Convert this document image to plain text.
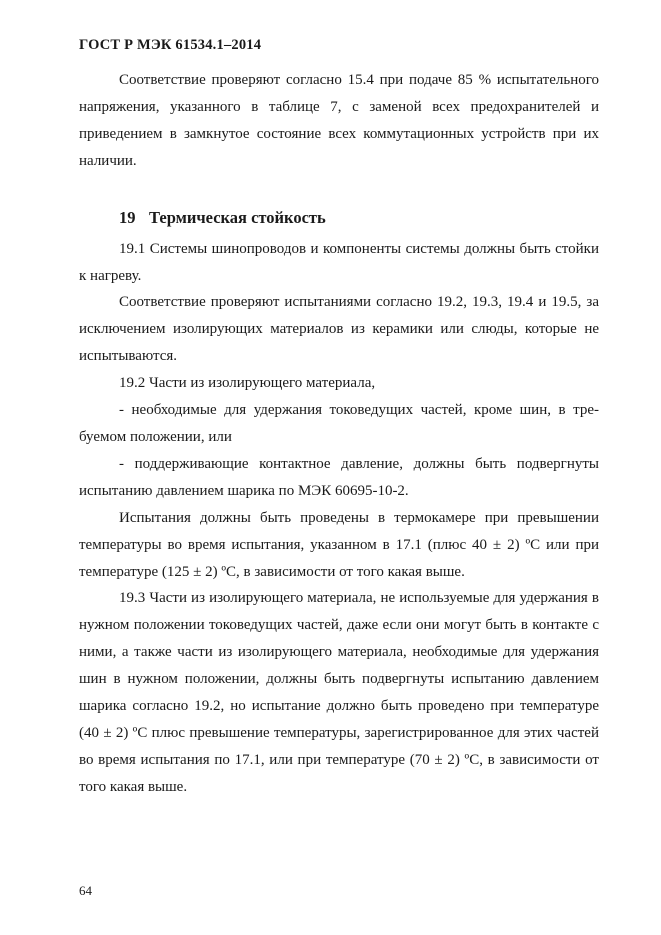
ГОСТ Р МЭК 61534.1–2014

Соответствие проверяют согласно 15.4 при подаче 85 % испытательного напряжения, указанного в таблице 7, с заменой всех предохранителей и приведением в замкнутое состояние всех коммутационных устройств при их наличии.

19 Термическая стойкость

19.1 Системы шинопроводов и компоненты системы должны быть стойки к нагреву.

Соответствие проверяют испытаниями согласно 19.2, 19.3, 19.4 и 19.5, за исключением изолирующих материалов из керамики или слюды, которые не испытываются.

19.2 Части из изолирующего материала,

- необходимые для удержания токоведущих частей, кроме шин, в требуемом положении, или

- поддерживающие контактное давление, должны быть подвергнуты испытанию давлением шарика по МЭК 60695-10-2.

Испытания должны быть проведены в термокамере при превышении температуры во время испытания, указанном в 17.1 (плюс 40 ± 2) ºC или при температуре (125 ± 2) ºC, в зависимости от того какая выше.

19.3 Части из изолирующего материала, не используемые для удержания в нужном положении токоведущих частей, даже если они могут быть в контакте с ними, а также части из изолирующего материала, необходимые для удержания шин в нужном положении, должны быть подвергнуты испытанию давлением шарика согласно 19.2, но испытание должно быть проведено при температуре (40 ± 2) ºC плюс превышение температуры, зарегистрированное для этих частей во время испытания по 17.1, или при температуре (70 ± 2) ºC, в зависимости от того какая выше.

64
